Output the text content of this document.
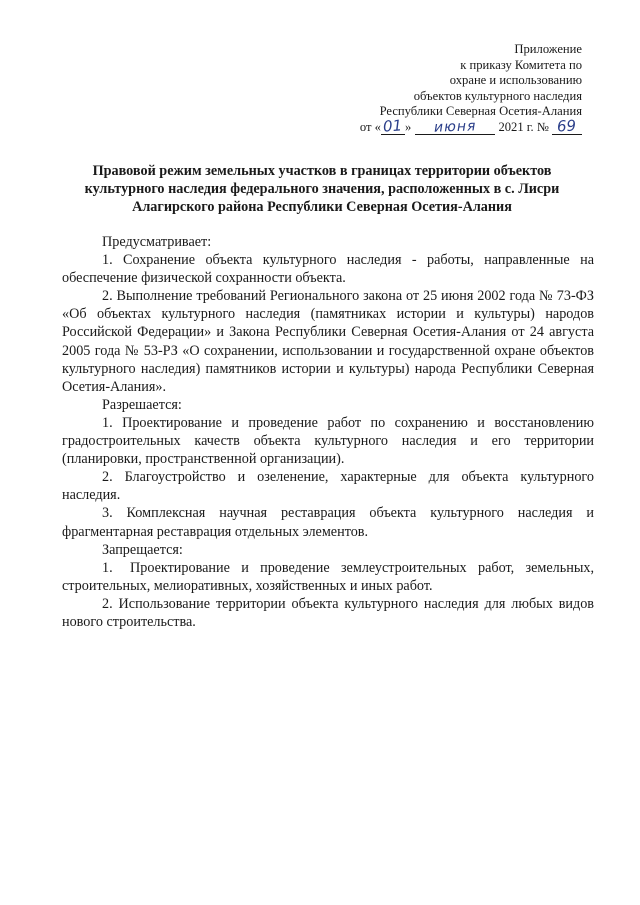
Приложение
к приказу Комитета по
охране и использованию
объектов культурного наследия
Республики Северная Осетия-Алания
от « 01 » июня 2021 г. № 69
Правовой режим земельных участков в границах территории объектов
культурного наследия федерального значения, расположенных в с. Лисри
Алагирского района Республики Северная Осетия-Алания

Предусматривает:

1. Сохранение объекта культурного наследия - работы, направленные на обеспечение физической сохранности объекта.

2. Выполнение требований Регионального закона от 25 июня 2002 года № 73-ФЗ «Об объектах культурного наследия (памятниках истории и культуры) народов Российской Федерации» и Закона Республики Северная Осетия-Алания от 24 августа 2005 года № 53-РЗ «О сохранении, использовании и государственной охране объектов культурного наследия) памятников истории и культуры) народа Республики Северная Осетия-Алания».

Разрешается:

1. Проектирование и проведение работ по сохранению и восстановлению градостроительных качеств объекта культурного наследия и его территории (планировки, пространственной организации).

2. Благоустройство и озеленение, характерные для объекта культурного наследия.

3. Комплексная научная реставрация объекта культурного наследия и фрагментарная реставрация отдельных элементов.

Запрещается:

1. Проектирование и проведение землеустроительных работ, земельных, строительных, мелиоративных, хозяйственных и иных работ.

2. Использование территории объекта культурного наследия для любых видов нового строительства.
